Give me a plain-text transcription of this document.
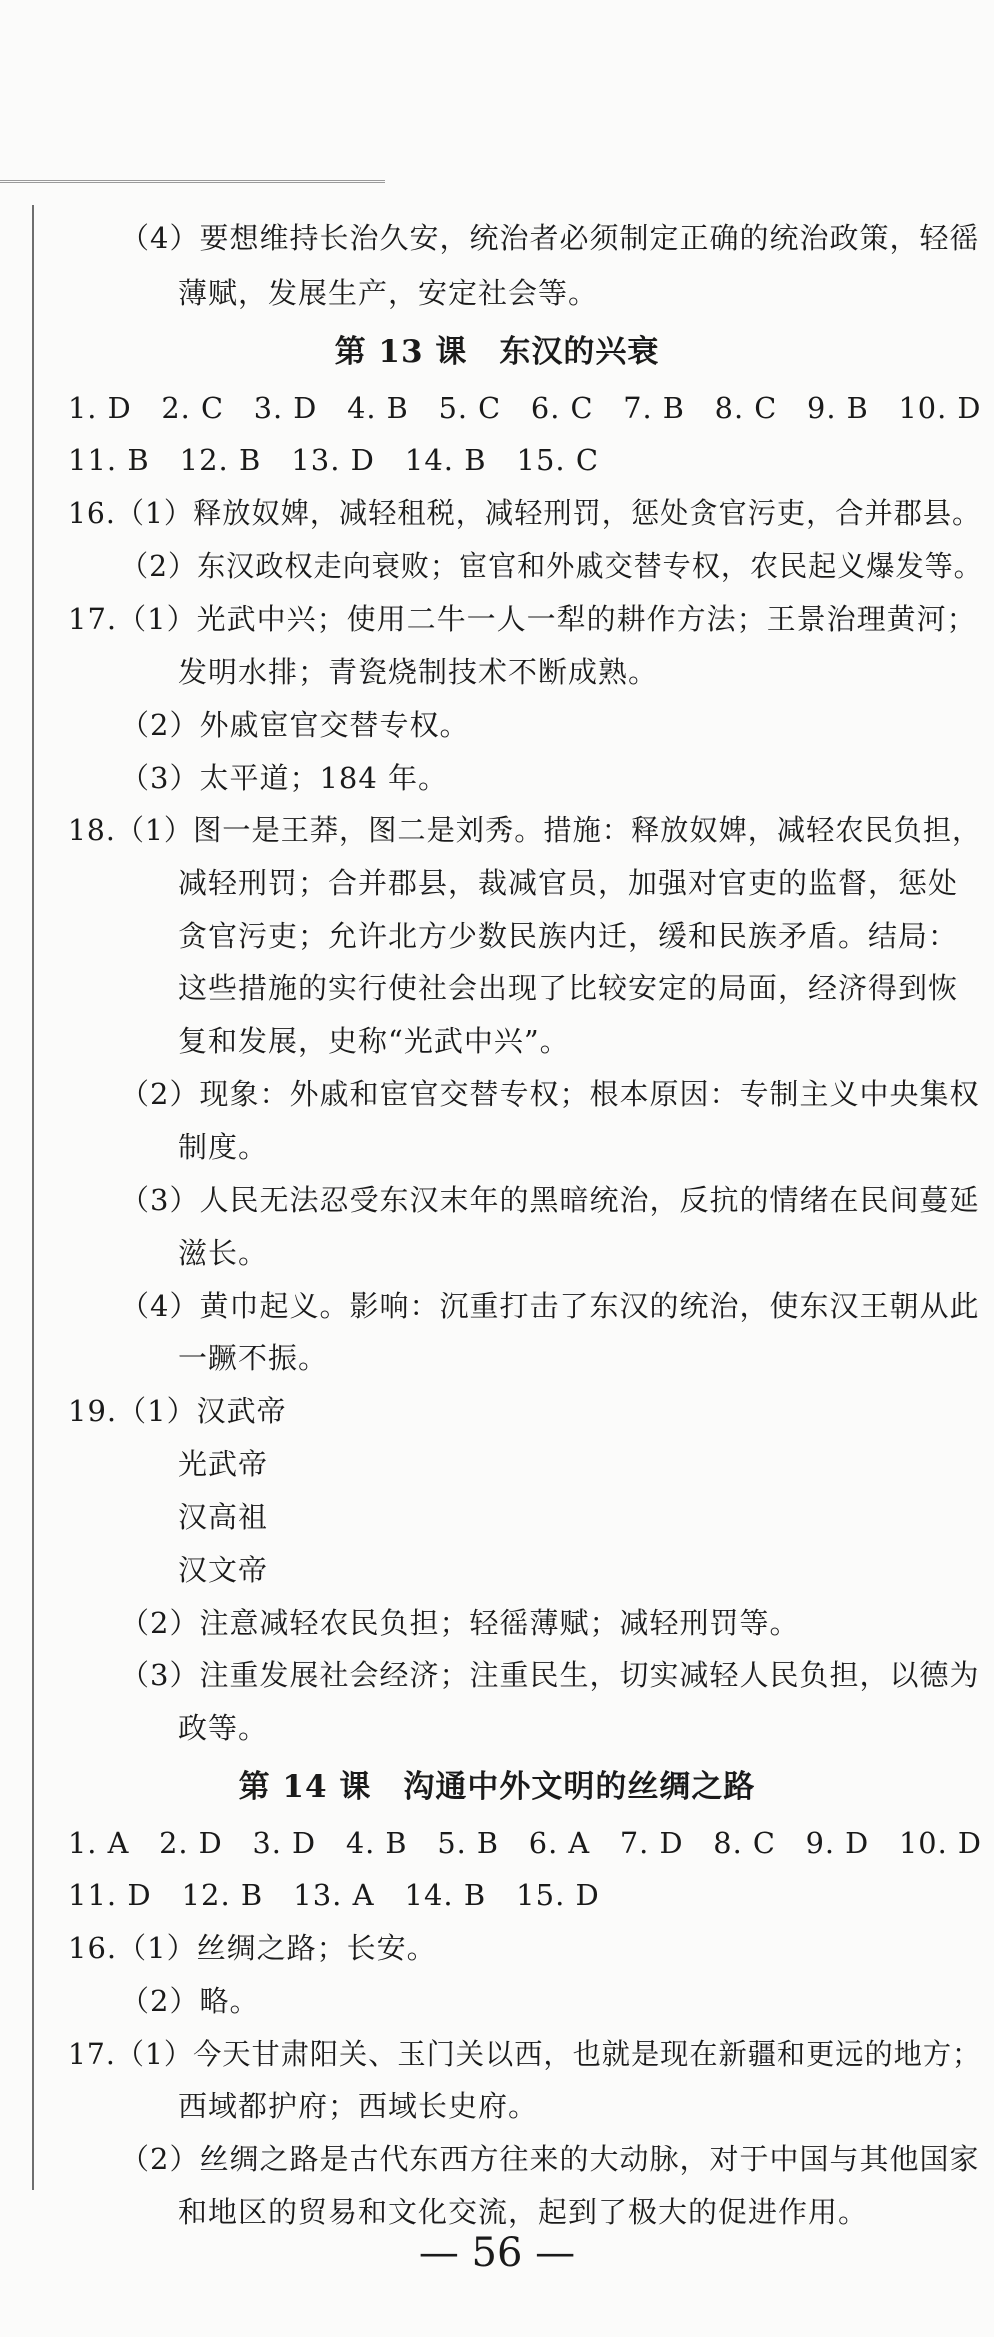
第 13 课　东汉的兴衰
第 14 课　沟通中外文明的丝绸之路
（4）要想维持长治久安，统治者必须制定正确的统治政策，轻徭
薄赋，发展生产，安定社会等。
1. D　2. C　3. D　4. B　5. C　6. C　7. B　8. C　9. B　10. D
11. B　12. B　13. D　14. B　15. C
16.（1）释放奴婢，减轻租税，减轻刑罚，惩处贪官污吏，合并郡县。
（2）东汉政权走向衰败；宦官和外戚交替专权，农民起义爆发等。
17.（1）光武中兴；使用二牛一人一犁的耕作方法；王景治理黄河；
发明水排；青瓷烧制技术不断成熟。
（2）外戚宦官交替专权。
（3）太平道；184 年。
18.（1）图一是王莽，图二是刘秀。措施：释放奴婢，减轻农民负担，
减轻刑罚；合并郡县，裁减官员，加强对官吏的监督，惩处
贪官污吏；允许北方少数民族内迁，缓和民族矛盾。结局：
这些措施的实行使社会出现了比较安定的局面，经济得到恢
复和发展，史称“光武中兴”。
（2）现象：外戚和宦官交替专权；根本原因：专制主义中央集权
制度。
（3）人民无法忍受东汉末年的黑暗统治，反抗的情绪在民间蔓延
滋长。
（4）黄巾起义。影响：沉重打击了东汉的统治，使东汉王朝从此
一蹶不振。
19.（1）汉武帝
光武帝
汉高祖
汉文帝
（2）注意减轻农民负担；轻徭薄赋；减轻刑罚等。
（3）注重发展社会经济；注重民生，切实减轻人民负担，以德为
政等。
1. A　2. D　3. D　4. B　5. B　6. A　7. D　8. C　9. D　10. D
11. D　12. B　13. A　14. B　15. D
16.（1）丝绸之路；长安。
（2）略。
17.（1）今天甘肃阳关、玉门关以西，也就是现在新疆和更远的地方；
西域都护府；西域长史府。
（2）丝绸之路是古代东西方往来的大动脉，对于中国与其他国家
和地区的贸易和文化交流，起到了极大的促进作用。
— 56 —
